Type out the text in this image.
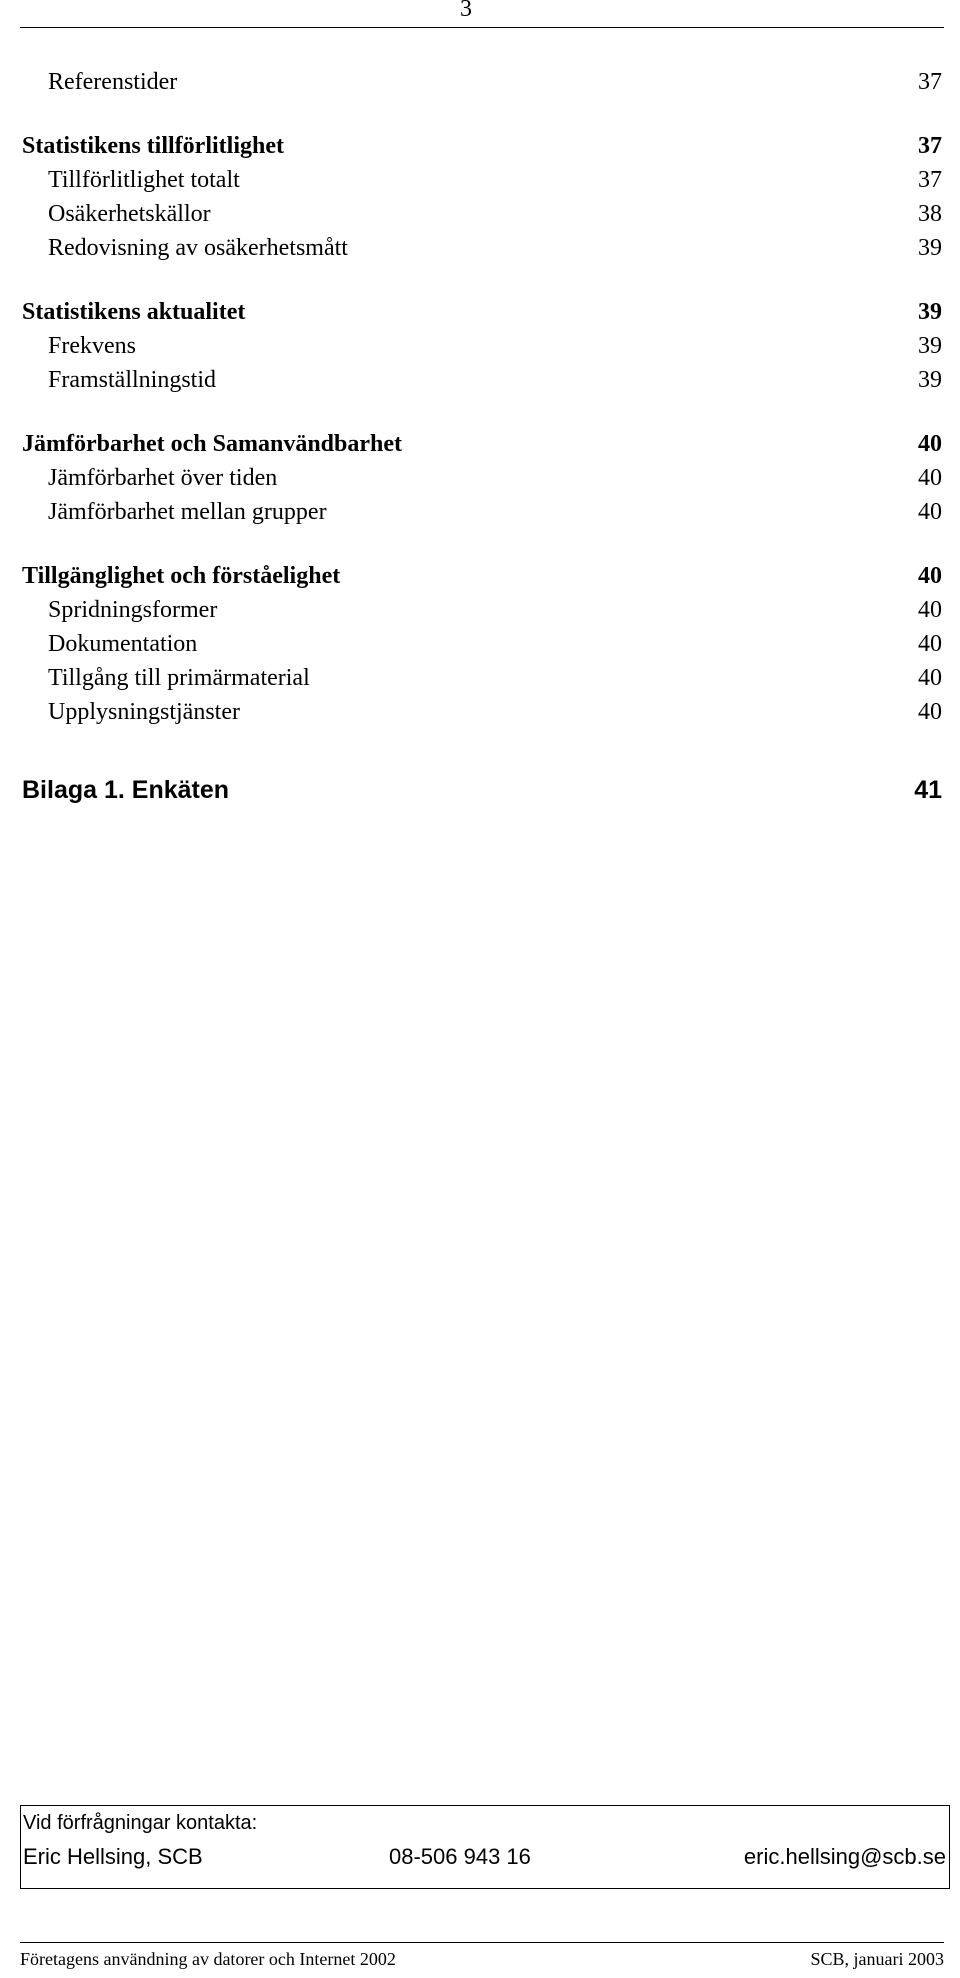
3
Referenstider	37
Statistikens tillförlitlighet	37
Tillförlitlighet totalt	37
Osäkerhetskällor	38
Redovisning av osäkerhetsmått	39
Statistikens aktualitet	39
Frekvens	39
Framställningstid	39
Jämförbarhet och Samanvändbarhet	40
Jämförbarhet över tiden	40
Jämförbarhet mellan grupper	40
Tillgänglighet och förståelighet	40
Spridningsformer	40
Dokumentation	40
Tillgång till primärmaterial	40
Upplysningstjänster	40
Bilaga 1. Enkäten	41
Vid förfrågningar kontakta:
Eric Hellsing, SCB	08-506 943 16	eric.hellsing@scb.se
Företagens användning av datorer och Internet 2002	SCB, januari 2003
